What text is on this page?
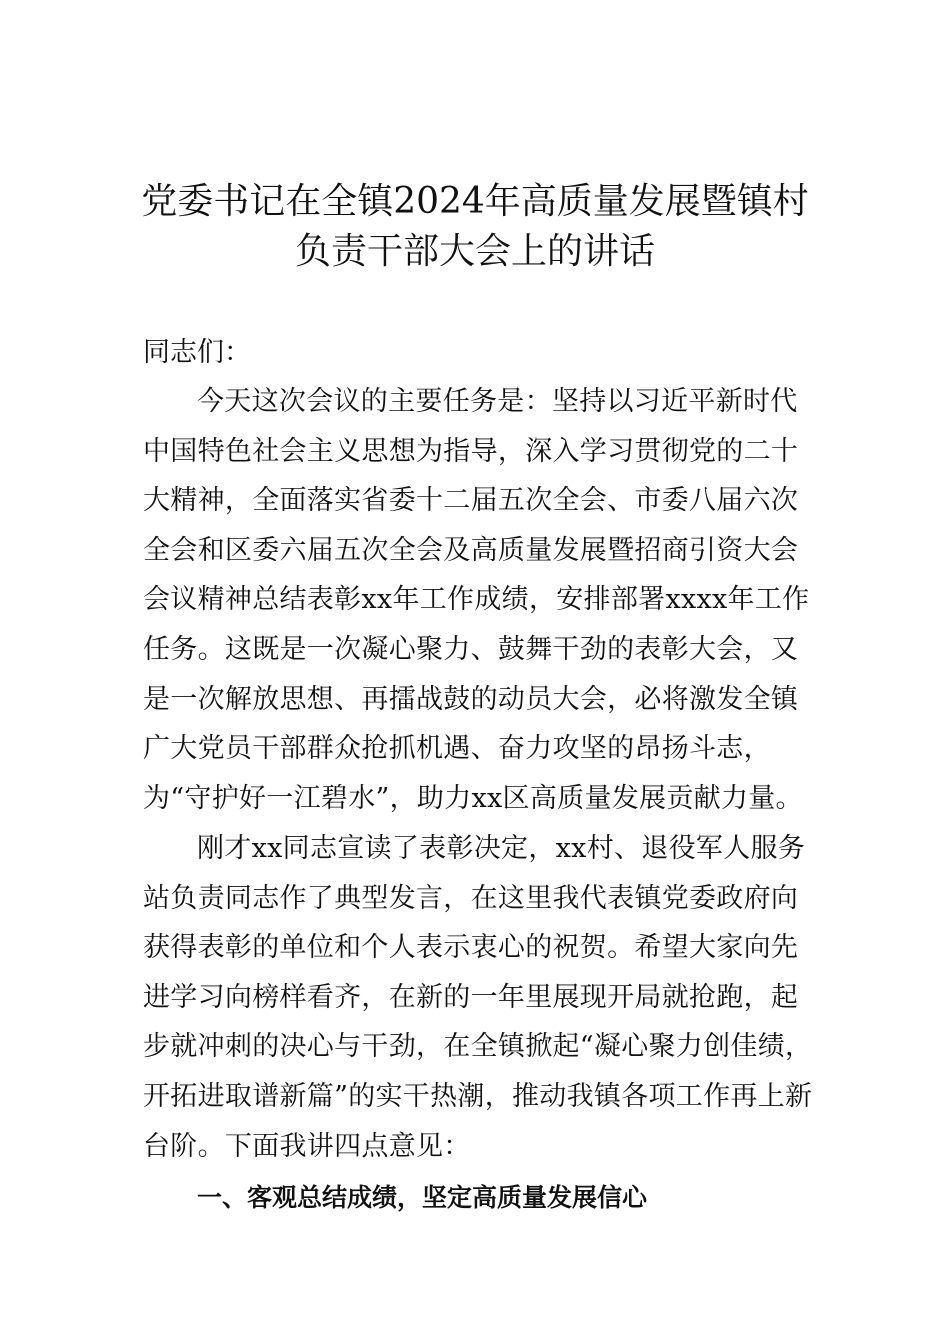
党委书记在全镇2024年高质量发展暨镇村
负责干部大会上的讲话

同志们：

今天这次会议的主要任务是：坚持以习近平新时代中国特色社会主义思想为指导，深入学习贯彻党的二十大精神，全面落实省委十二届五次全会、市委八届六次全会和区委六届五次全会及高质量发展暨招商引资大会会议精神总结表彰xx年工作成绩，安排部署xxxx年工作任务。这既是一次凝心聚力、鼓舞干劲的表彰大会，又是一次解放思想、再擂战鼓的动员大会，必将激发全镇广大党员干部群众抢抓机遇、奋力攻坚的昂扬斗志，为“守护好一江碧水”，助力xx区高质量发展贡献力量。

刚才xx同志宣读了表彰决定，xx村、退役军人服务站负责同志作了典型发言，在这里我代表镇党委政府向获得表彰的单位和个人表示衷心的祝贺。希望大家向先进学习向榜样看齐，在新的一年里展现开局就抢跑，起步就冲刺的决心与干劲，在全镇掀起“凝心聚力创佳绩，开拓进取谱新篇”的实干热潮，推动我镇各项工作再上新台阶。下面我讲四点意见：

一、客观总结成绩，坚定高质量发展信心
